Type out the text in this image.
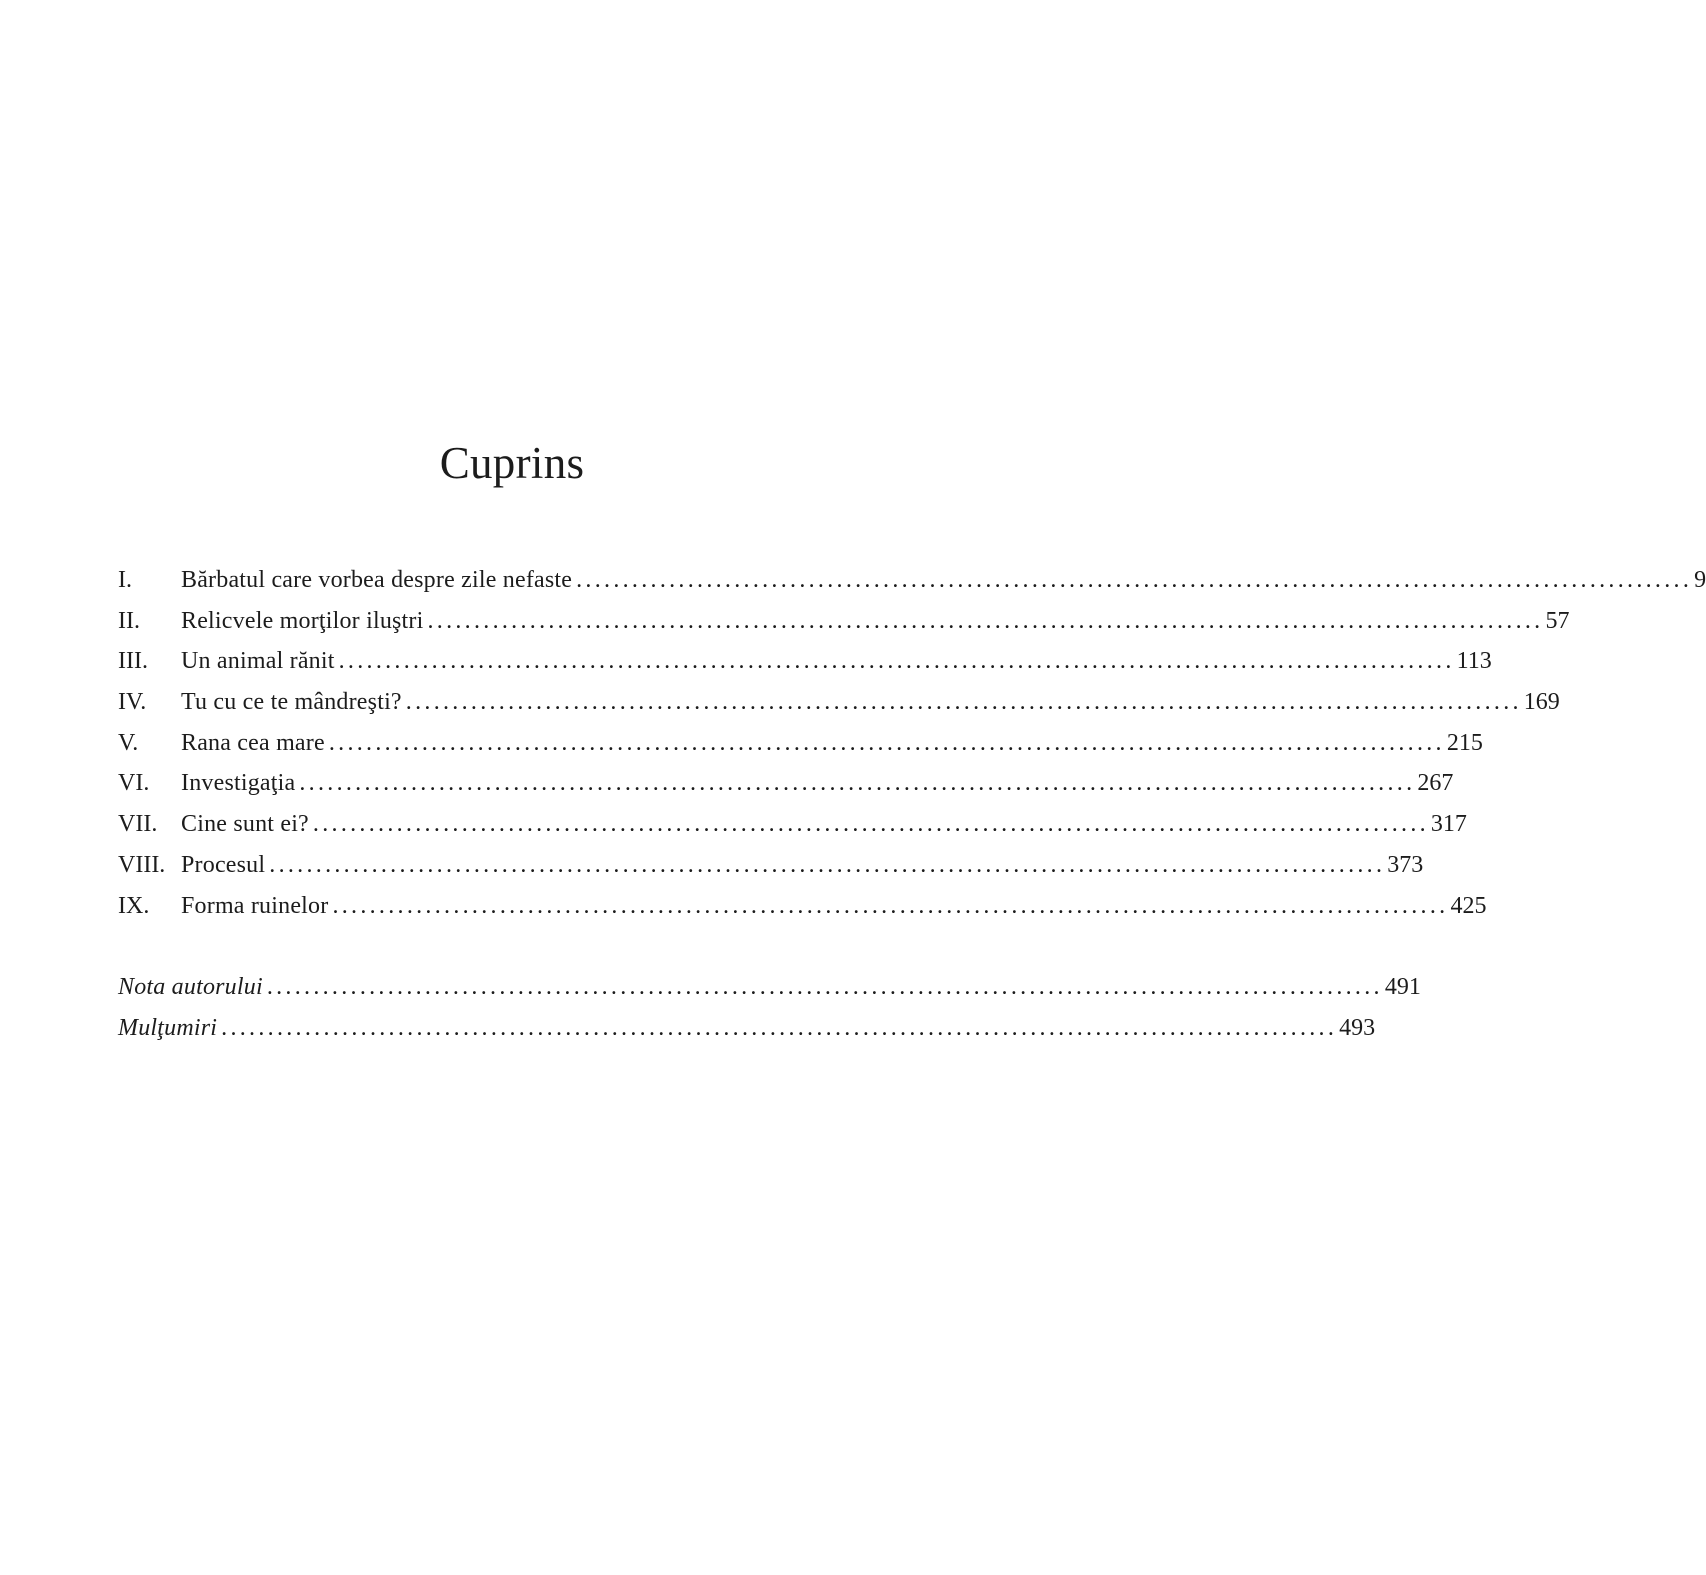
Cuprins
I.	Bărbatul care vorbea despre zile nefaste ........................................................................................................................ 9
II.	Relicvele morţilor iluştri ........................................................................................................................ 57
III.	Un animal rănit ........................................................................................................................ 113
IV.	Tu cu ce te mândreşti? ........................................................................................................................ 169
V.	Rana cea mare ........................................................................................................................ 215
VI.	Investigaţia ........................................................................................................................ 267
VII. Cine sunt ei? ........................................................................................................................ 317
VIII. Procesul ........................................................................................................................ 373
IX.	Forma ruinelor ........................................................................................................................ 425
Nota autorului ........................................................................................................................ 491
Mulţumiri ........................................................................................................................ 493
